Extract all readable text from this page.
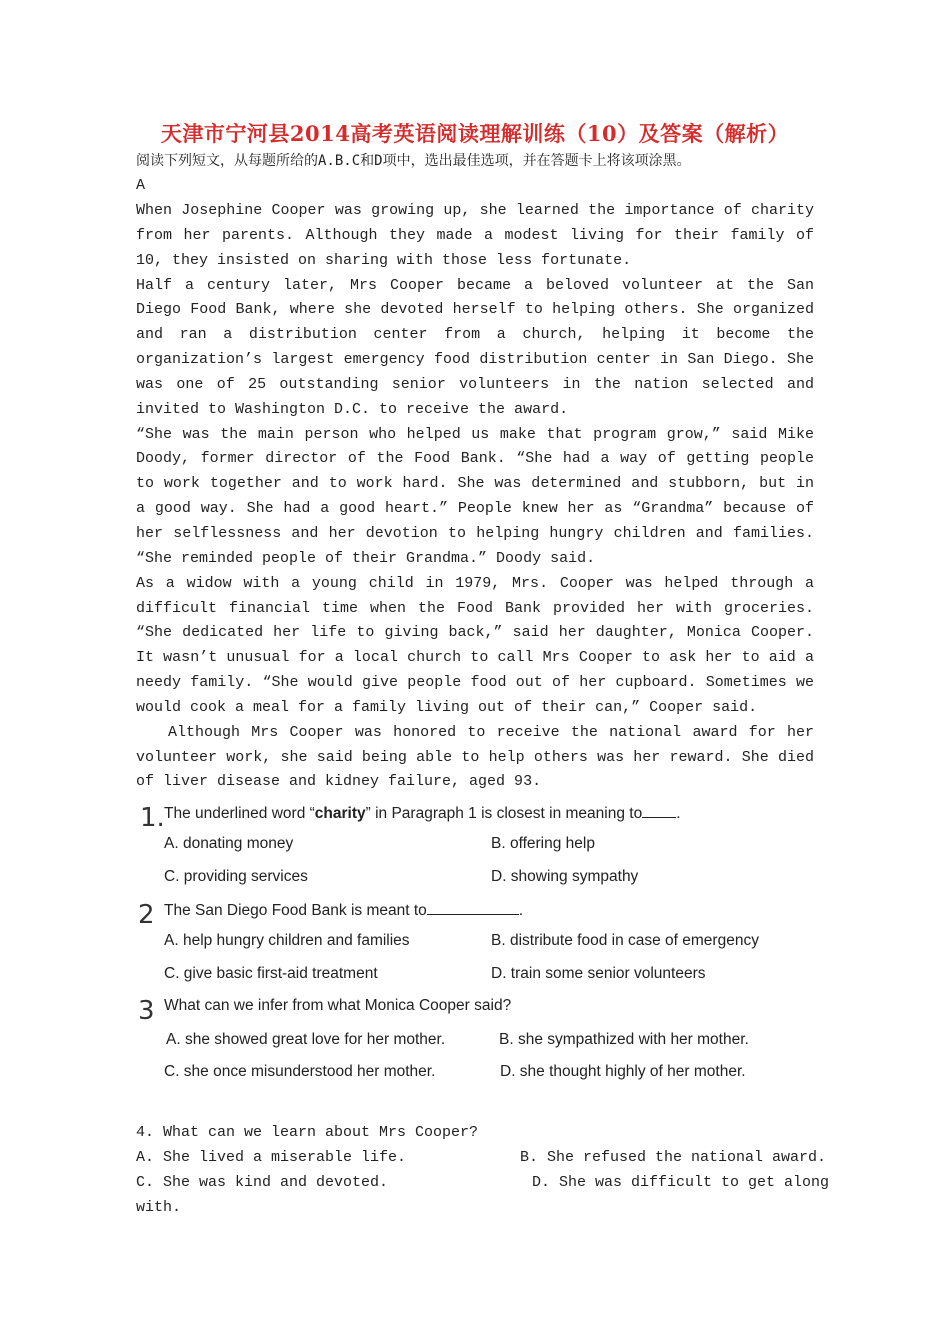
天津市宁河县2014高考英语阅读理解训练（10）及答案（解析）
阅读下列短文，从每题所给的A.B.C和D项中，选出最佳选项，并在答题卡上将该项涂黑。
A

When Josephine Cooper was growing up, she learned the importance of charity from her parents. Although they made a modest living for their family of 10, they insisted on sharing with those less fortunate.

Half a century later, Mrs Cooper became a beloved volunteer at the San Diego Food Bank, where she devoted herself to helping others. She organized and ran a distribution center from a church, helping it become the organization’s largest emergency food distribution center in San Diego. She was one of 25 outstanding senior volunteers in the nation selected and invited to Washington D.C. to receive the award.

“She was the main person who helped us make that program grow,” said Mike Doody, former director of the Food Bank. “She had a way of getting people to work together and to work hard. She was determined and stubborn, but in a good way. She had a good heart.” People knew her as “Grandma” because of her selflessness and her devotion to helping hungry children and families. “She reminded people of their Grandma.” Doody said.

As a widow with a young child in 1979, Mrs. Cooper was helped through a difficult financial time when the Food Bank provided her with groceries. “She dedicated her life to giving back,” said her daughter, Monica Cooper. It wasn’t unusual for a local church to call Mrs Cooper to ask her to aid a needy family. “She would give people food out of her cupboard. Sometimes we would cook a meal for a family living out of their can,” Cooper said.

Although Mrs Cooper was honored to receive the national award for her volunteer work, she said being able to help others was her reward. She died of liver disease and kidney failure, aged 93.

1. The underlined word “charity” in Paragraph 1 is closest in meaning to .
A. donating money	B. offering help
C. providing services	D. showing sympathy
2 The San Diego Food Bank is meant to	.
A. help hungry children and families	B. distribute food in case of emergency
C. give basic first-aid treatment	D. train some senior volunteers
3 What can we infer from what Monica Cooper said?
A. she showed great love for her mother.	B. she sympathized with her mother.
C. she once misunderstood her mother.	D. she thought highly of her mother.
4. What can we learn about Mrs Cooper?
A. She lived a miserable life.	B. She refused the national award.
C. She was kind and devoted.	D. She was difficult to get along
with.
